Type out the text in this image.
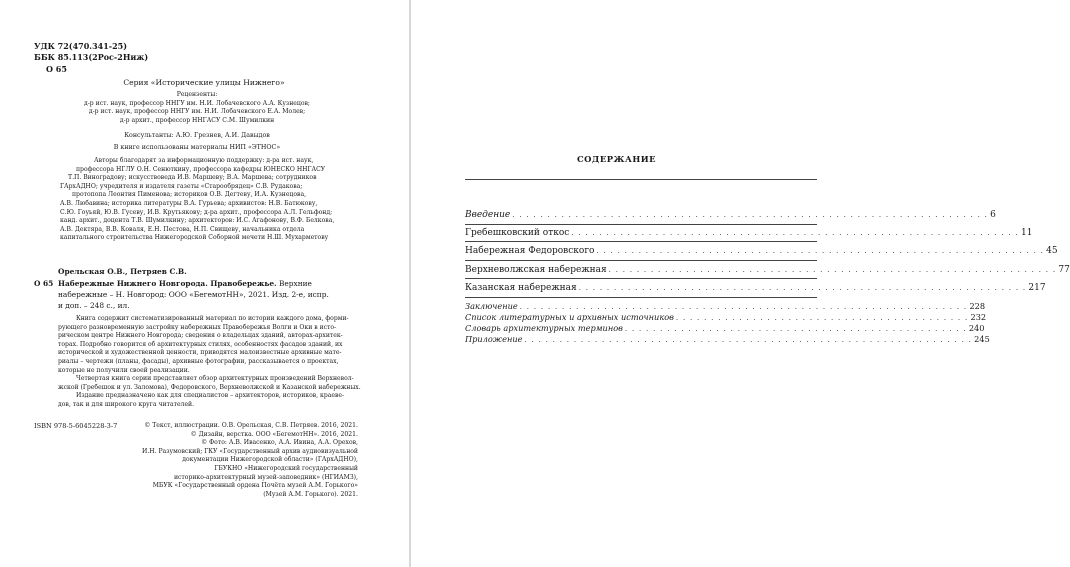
УДК 72(470.341-25)
ББК 85.113(2Рос-2Ниж)
О 65
Серия «Исторические улицы Нижнего»
Рецензенты:
д-р ист. наук, профессор ННГУ им. Н.И. Лобачевского А.А. Кузнецов;
д-р ист. наук, профессор ННГУ им. Н.И. Лобачевского Е.А. Молев;
д-р архит., профессор ННГАСУ С.М. Шумилкин
Консультанты: А.Ю. Грезнев, А.И. Давыдов
В книге использованы материалы НИП «ЭТНОС»
Авторы благодарят за информационную поддержку: д-ра ист. наук,
профессора НГЛУ О.Н. Сенюткину, профессора кафедры ЮНЕСКО ННГАСУ
Т.П. Виноградову; искусствоведа И.В. Маршеву; В.А. Маршева; сотрудников
ГАрхАДНО; учредителя и издателя газеты «Старообрядец» С.В. Рудакова;
протопопа Леонтия Пименова; историков О.В. Дегтеву, И.А. Кузнецова,
А.В. Любавина; историка литературы В.А. Гурьева; архивистов: Н.В. Батюкову,
С.Ю. Гоуьяй, Ю.В. Гусеву, И.В. Крутьякову; д-ра архит., профессора А.Л. Гельфонд;
канд. архит., доцента Т.В. Шумилкину; архитекторов: И.С. Агафонову, В.Ф. Белкова,
А.В. Дектяра, В.В. Коваля, Е.Н. Пестова, Н.П. Свищеву, начальника отдела
капитального строительства Нижегородской Соборной мечети Н.Ш. Мухарметову
Орельская О.В., Петряев С.В.
О 65 Набережные Нижнего Новгорода. Правобережье. Верхние
набережные – Н. Новгород: ООО «БегемотНН», 2021. Изд. 2-е, испр.
и доп. – 248 с., ил.
Книга содержит систематизированный материал по истории каждого дома, форми-
рующего разновременную застройку набережных Правобережья Волги и Оки в исто-
рическом центре Нижнего Новгорода; сведения о владельцах зданий, авторах-архитек-
торах. Подробно говорится об архитектурных стилях, особенностях фасадов зданий, их
исторической и художественной ценности, приводятся малоизвестные архивные мате-
риалы – чертежи (планы, фасады), архивные фотографии, рассказывается о проектах,
которые не получили своей реализации.
Четвертая книга серии представляет обзор архитектурных произведений Верхневол-
жской (Гребешок и ул. Заломова), Федоровского, Верхневолжской и Казанской набережных.
Издание предназначено как для специалистов – архитекторов, историков, краеве-
дов, так и для широкого круга читателей.
ISBN 978-5-6045228-3-7	© Текст, иллюстрации. О.В. Орельская, С.В. Петряев. 2016, 2021.
© Дизайн, верстка. ООО «БегемотНН». 2016, 2021.
© Фото: А.В. Ивасенко, А.А. Ивина, А.А. Орехов,
И.Н. Разумовский; ГКУ «Государственный архив аудиовизуальной
документации Нижегородской области» (ГАрхАДНО),
ГБУКНО «Нижегородский государственный
историко-архитектурный музей-заповедник» (НГИАМЗ),
МБУК «Государственный ордена Почёта музей А.М. Горького»
(Музей А.М. Горького). 2021.
СОДЕРЖАНИЕ
Введение . . . . . . . . . . . . . . . . . . . . . . . . . . . . . . . . . . . . . . . . . . . . . . . . . . . . . . . . . . . . . . . . . . . . 6
Гребешковский откос . . . . . . . . . . . . . . . . . . . . . . . . . . . . . . . . . . . . . . . . . . . . . . . . . . . . . . . . . . . . . . . . 11
Набережная Федоровского . . . . . . . . . . . . . . . . . . . . . . . . . . . . . . . . . . . . . . . . . . . . . . . . . . . . . . . . . . . . . . . . 45
Верхневолжская набережная . . . . . . . . . . . . . . . . . . . . . . . . . . . . . . . . . . . . . . . . . . . . . . . . . . . . . . . . . . . . . . . . 77
Казанская набережная . . . . . . . . . . . . . . . . . . . . . . . . . . . . . . . . . . . . . . . . . . . . . . . . . . . . . . . . . . . . . . . . 217
Заключение . . . . . . . . . . . . . . . . . . . . . . . . . . . . . . . . . . . . . . . . . . . . . . . . . . . . . . . . . . . . . . . . 228
Список литературных и архивных источников . . . . . . . . . . . . . . . . . . . . . . . . . . . . . . . . . . . . . . . . . . 232
Словарь архитектурных терминов . . . . . . . . . . . . . . . . . . . . . . . . . . . . . . . . . . . . . . . . . . . . . . . . . 240
Приложение . . . . . . . . . . . . . . . . . . . . . . . . . . . . . . . . . . . . . . . . . . . . . . . . . . . . . . . . . . . . . . . . 245
